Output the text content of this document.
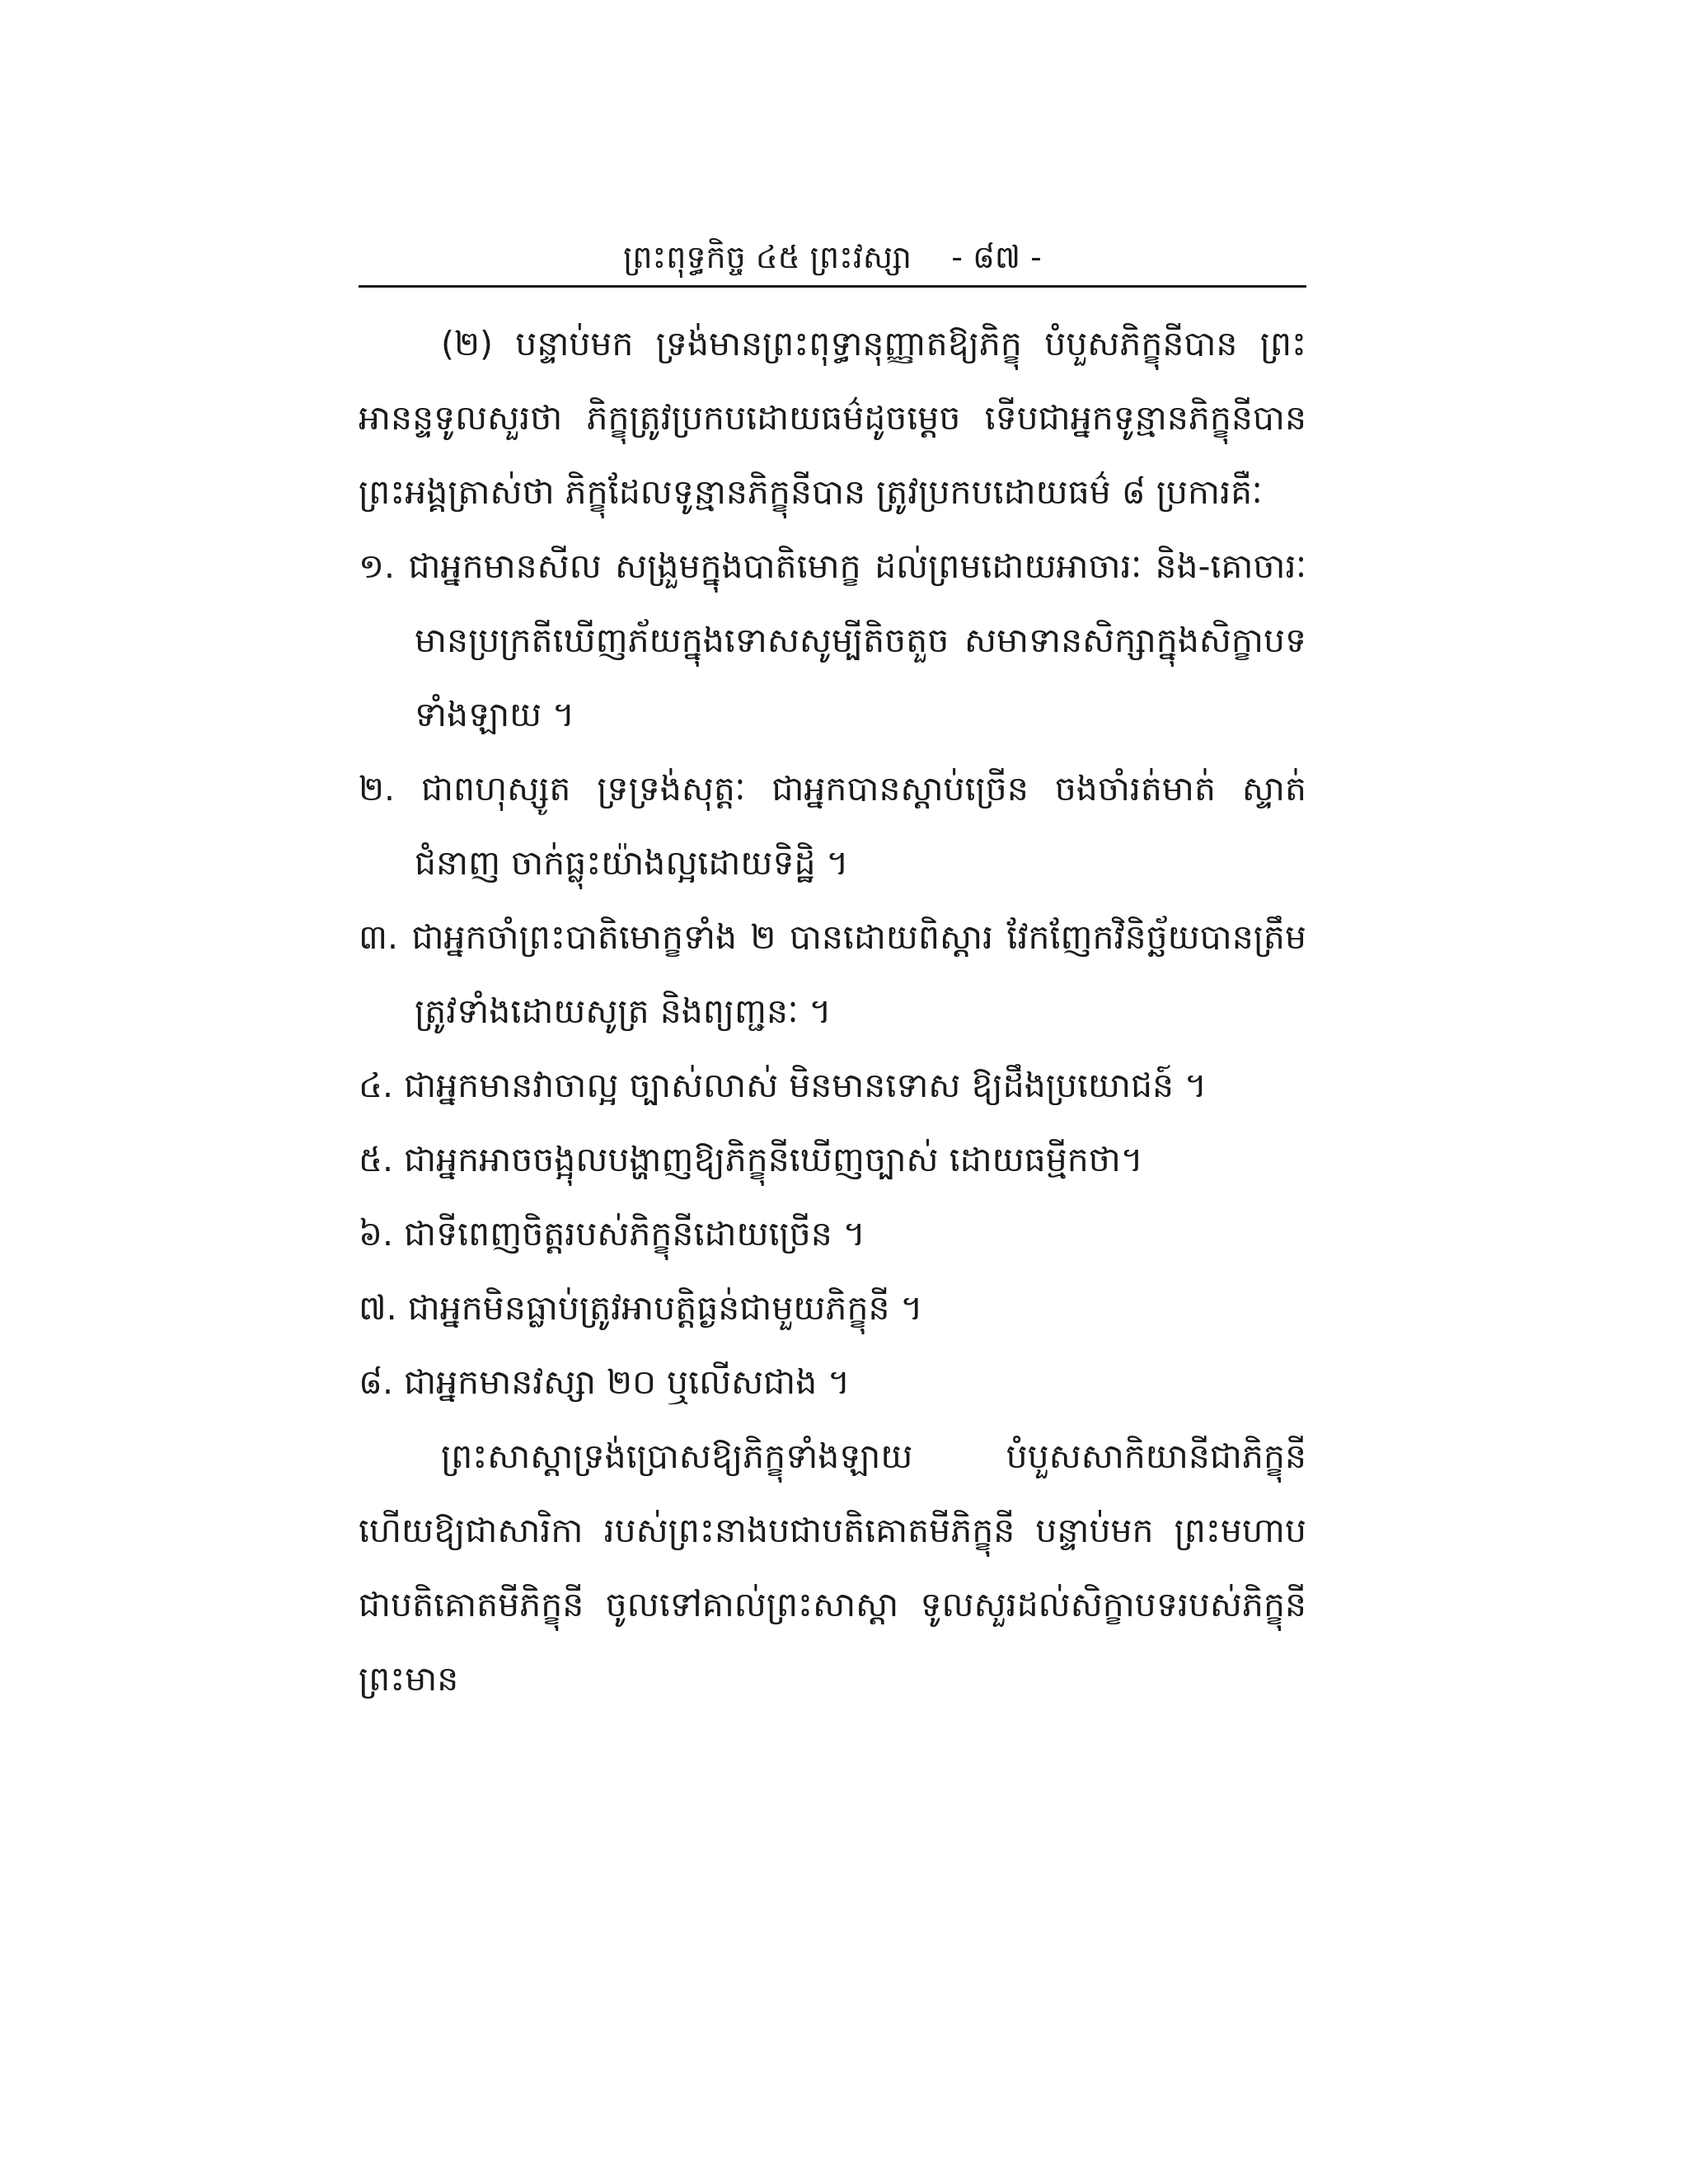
ព្រះពុទ្ធកិច្ច ៤៥ ព្រះវស្សា - ៨៧ -

(២) បន្ទាប់មក ទ្រង់មានព្រះពុទ្ធានុញ្ញាតឱ្យភិក្ខុ បំបួសភិក្ខុនីបាន ព្រះអានន្ទទូលសួរថា ភិក្ខុត្រូវប្រកបដោយធម៌ដូចម្ដេច ទើបជាអ្នកទូន្មានភិក្ខុនីបាន ព្រះអង្គត្រាស់ថា ភិក្ខុដែលទូន្មានភិក្ខុនីបាន ត្រូវប្រកបដោយធម៌ ៨ ប្រការគឺៈ

១. ជាអ្នកមានសីល សង្រួមក្នុងបាតិមោក្ខ ដល់ព្រមដោយអាចារៈ និង-គោចារៈ មានប្រក្រតីឃើញភ័យក្នុងទោសសូម្បីតិចតួច សមាទានសិក្សាក្នុងសិក្ខាបទទាំងឡាយ ។
២. ជាពហុស្សូត ទ្រទ្រង់សុត្តៈ ជាអ្នកបានស្ដាប់ច្រើន ចងចាំរត់មាត់ ស្ទាត់ជំនាញ ចាក់ធ្លុះយ៉ាងល្អដោយទិដ្ឋិ ។
៣. ជាអ្នកចាំព្រះបាតិមោក្ខទាំង ២ បានដោយពិស្ដារ វែកញែកវិនិច្ឆ័យបានត្រឹមត្រូវទាំងដោយសូត្រ និងព្យញ្ជនៈ ។
៤. ជាអ្នកមានវាចាល្អ ច្បាស់លាស់ មិនមានទោស ឱ្យដឹងប្រយោជន៍ ។
៥. ជាអ្នកអាចចង្អុលបង្ហាញឱ្យភិក្ខុនីឃើញច្បាស់ ដោយធម្មីកថា។
៦. ជាទីពេញចិត្តរបស់ភិក្ខុនីដោយច្រើន ។
៧. ជាអ្នកមិនធ្លាប់ត្រូវអាបត្តិធ្ងន់ជាមួយភិក្ខុនី ។
៨. ជាអ្នកមានវស្សា ២០ ឬលើសជាង ។

ព្រះសាស្ដាទ្រង់ប្រោសឱ្យភិក្ខុទាំងឡាយ បំបួសសាកិយានីជាភិក្ខុនី ហើយឱ្យជាសារិកា របស់ព្រះនាងបជាបតិគោតមីភិក្ខុនី បន្ទាប់មក ព្រះមហាបជាបតិគោតមីភិក្ខុនី ចូលទៅគាល់ព្រះសាស្ដា ទូលសួរដល់សិក្ខាបទរបស់ភិក្ខុនី ព្រះមាន
